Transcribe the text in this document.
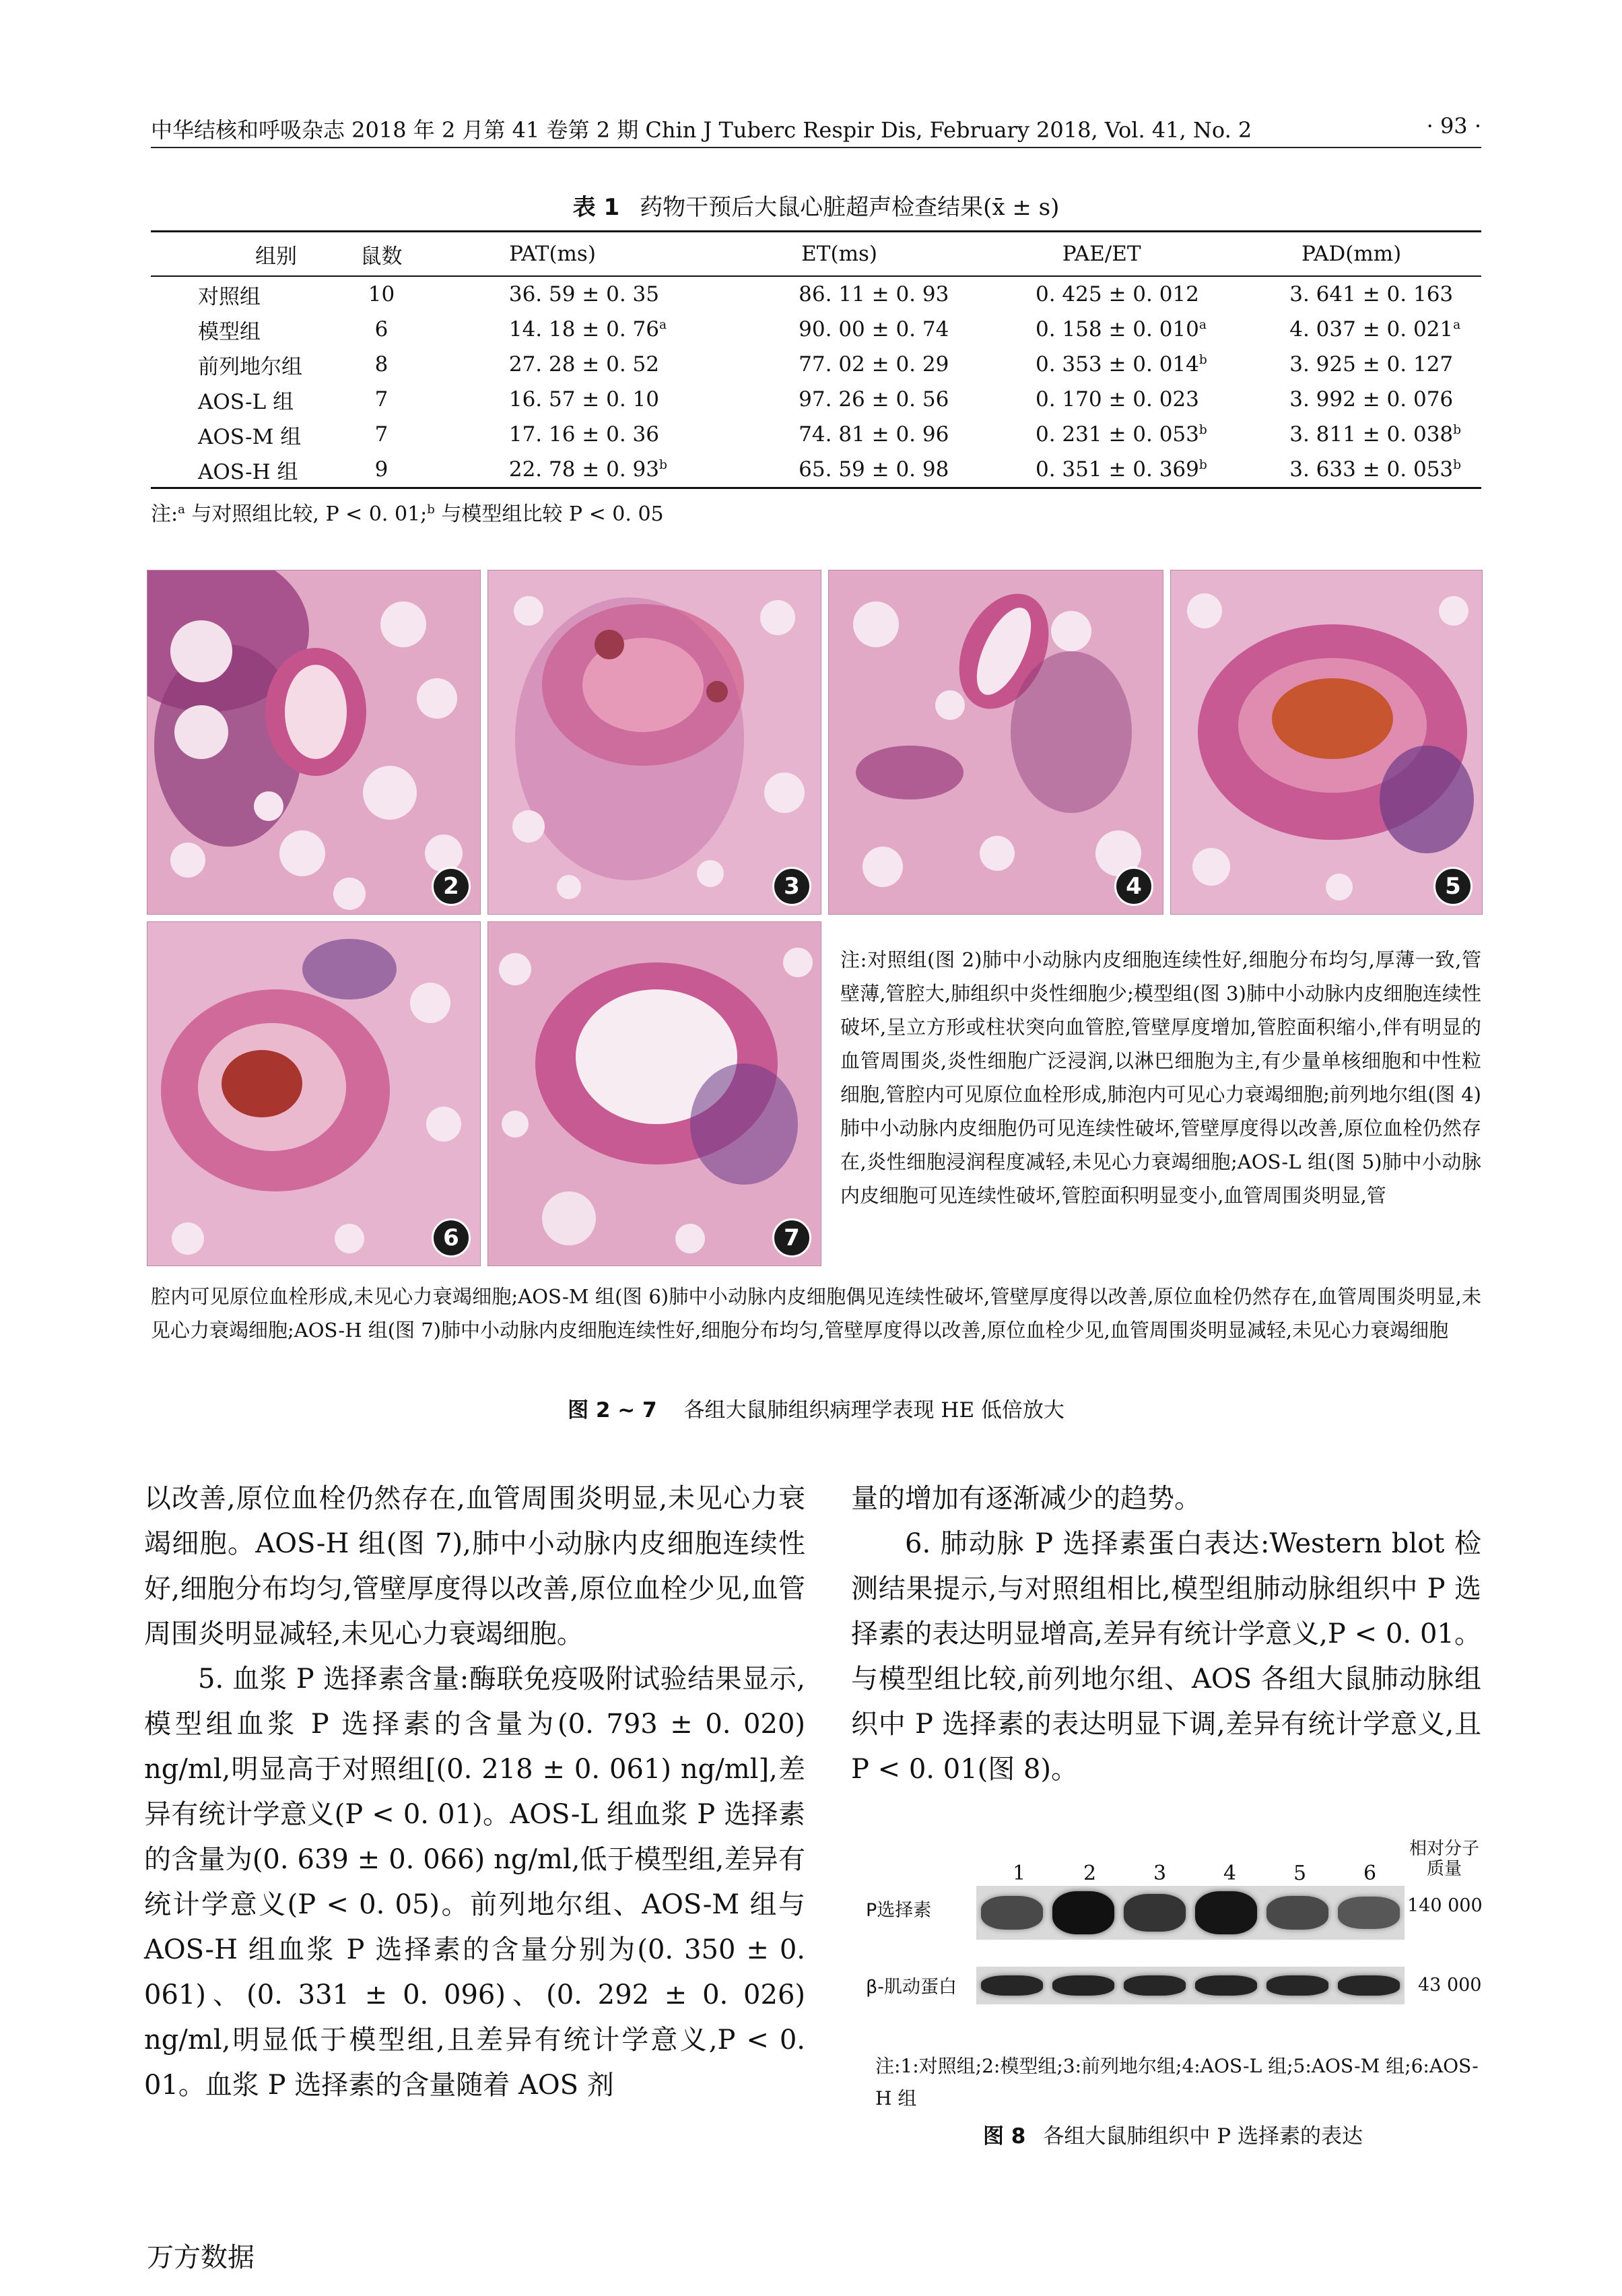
中华结核和呼吸杂志 2018 年 2 月第 41 卷第 2 期 Chin J Tuberc Respir Dis, February 2018, Vol. 41, No. 2	· 93 ·
表 1 药物干预后大鼠心脏超声检查结果(x̄ ± s)
组别	鼠数	PAT(ms)	ET(ms)	PAE/ET	PAD(mm)
对照组	10	36. 59 ± 0. 35	86. 11 ± 0. 93	0. 425 ± 0. 012	3. 641 ± 0. 163
模型组	6	14. 18 ± 0. 76$^a$	90. 00 ± 0. 74	0. 158 ± 0. 010$^a$	4. 037 ± 0. 021$^a$
前列地尔组	8	27. 28 ± 0. 52	77. 02 ± 0. 29	0. 353 ± 0. 014$^b$	3. 925 ± 0. 127
AOS-L 组	7	16. 57 ± 0. 10	97. 26 ± 0. 56	0. 170 ± 0. 023	3. 992 ± 0. 076
AOS-M 组	7	17. 16 ± 0. 36	74. 81 ± 0. 96	0. 231 ± 0. 053$^b$	3. 811 ± 0. 038$^b$
AOS-H 组	9	22. 78 ± 0. 93$^b$	65. 59 ± 0. 98	0. 351 ± 0. 369$^b$	3. 633 ± 0. 053$^b$
注:$^a$ 与对照组比较, P < 0. 01;$^b$ 与模型组比较 P < 0. 05
2	3	4	5
6	7
注:对照组(图 2)肺中小动脉内皮细胞连续性好,细胞分布均匀,厚薄一致,管壁薄,管腔大,肺组织中炎性细胞少;模型组(图 3)肺中小动脉内皮细胞连续性破坏,呈立方形或柱状突向血管腔,管壁厚度增加,管腔面积缩小,伴有明显的血管周围炎,炎性细胞广泛浸润,以淋巴细胞为主,有少量单核细胞和中性粒细胞,管腔内可见原位血栓形成,肺泡内可见心力衰竭细胞;前列地尔组(图 4)肺中小动脉内皮细胞仍可见连续性破坏,管壁厚度得以改善,原位血栓仍然存在,炎性细胞浸润程度减轻,未见心力衰竭细胞;AOS-L 组(图 5)肺中小动脉内皮细胞可见连续性破坏,管腔面积明显变小,血管周围炎明显,管
腔内可见原位血栓形成,未见心力衰竭细胞;AOS-M 组(图 6)肺中小动脉内皮细胞偶见连续性破坏,管壁厚度得以改善,原位血栓仍然存在,血管周围炎明显,未见心力衰竭细胞;AOS-H 组(图 7)肺中小动脉内皮细胞连续性好,细胞分布均匀,管壁厚度得以改善,原位血栓少见,血管周围炎明显减轻,未见心力衰竭细胞
图 2 ~ 7 各组大鼠肺组织病理学表现 HE 低倍放大

以改善,原位血栓仍然存在,血管周围炎明显,未见心力衰竭细胞。AOS-H 组(图 7),肺中小动脉内皮细胞连续性好,细胞分布均匀,管壁厚度得以改善,原位血栓少见,血管周围炎明显减轻,未见心力衰竭细胞。

5. 血浆 P 选择素含量:酶联免疫吸附试验结果显示,模型组血浆 P 选择素的含量为(0. 793 ± 0. 020) ng/ml,明显高于对照组[(0. 218 ± 0. 061) ng/ml],差异有统计学意义(P < 0. 01)。AOS-L 组血浆 P 选择素的含量为(0. 639 ± 0. 066) ng/ml,低于模型组,差异有统计学意义(P < 0. 05)。前列地尔组、AOS-M 组与 AOS-H 组血浆 P 选择素的含量分别为(0. 350 ± 0. 061)、(0. 331 ± 0. 096)、(0. 292 ± 0. 026) ng/ml,明显低于模型组,且差异有统计学意义,P < 0. 01。血浆 P 选择素的含量随着 AOS 剂

量的增加有逐渐减少的趋势。

6. 肺动脉 P 选择素蛋白表达:Western blot 检测结果提示,与对照组相比,模型组肺动脉组织中 P 选择素的表达明显增高,差异有统计学意义,P < 0. 01。与模型组比较,前列地尔组、AOS 各组大鼠肺动脉组织中 P 选择素的表达明显下调,差异有统计学意义,且 P < 0. 01(图 8)。

1	2	3	4	5	6
相对分子质量
P选择素	140 000
β-肌动蛋白	43 000
注:1:对照组;2:模型组;3:前列地尔组;4:AOS-L 组;5:AOS-M 组;6:AOS-H 组
图 8 各组大鼠肺组织中 P 选择素的表达
万方数据
